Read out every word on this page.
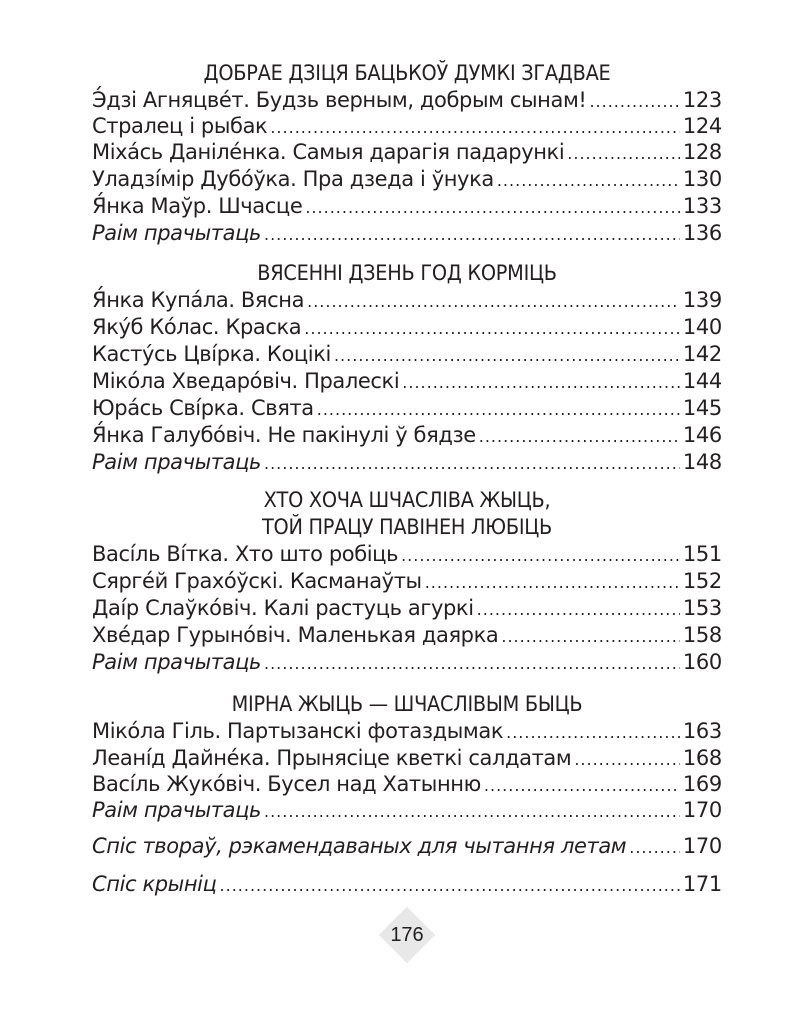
ДОБРАЕ ДЗІЦЯ БАЦЬКОЎ ДУМКІ ЗГАДВАЕ
Э́дзі Агняцвéт. Будзь верным, добрым сынам! .....	123
Стралец і рыбак .....	124
Міхáсь Данілéнка. Самыя дарагія падарункі .....	128
Уладзíмір Дубóўка. Пра дзеда і ўнука .....	130
Я́нка Маўр. Шчасце .....	133
Раім прачытаць .....	136
ВЯСЕННІ ДЗЕНЬ ГОД КОРМІЦЬ
Я́нка Купáла. Вясна .....	139
Якýб Кóлас. Краска .....	140
Кастýсь Цвíрка. Коцікі .....	142
Мікóла Хведарóвіч. Пралескі .....	144
Юрáсь Свíрка. Свята .....	145
Я́нка Галубóвіч. Не пакінулі ў бядзе .....	146
Раім прачытаць .....	148
ХТО ХОЧА ШЧАСЛІВА ЖЫЦЬ,
ТОЙ ПРАЦУ ПАВІНЕН ЛЮБІЦЬ
Васíль Вíтка. Хто што робіць .....	151
Сяргéй Грахóўскі. Касманаўты .....	152
Даíр Слаўкóвіч. Калі растуць агуркі .....	153
Хвéдар Гурынóвіч. Маленькая даярка .....	158
Раім прачытаць .....	160
МІРНА ЖЫЦЬ — ШЧАСЛІВЫМ БЫЦЬ
Мікóла Гіль. Партызанскі фотаздымак .....	163
Леанíд Дайнéка. Прынясіце кветкі салдатам .....	168
Васíль Жукóвіч. Бусел над Хатынню .....	169
Раім прачытаць .....	170
Спіс твораў, рэкамендаваных для чытання летам .....	170
Спіс крыніц .....	171
176
